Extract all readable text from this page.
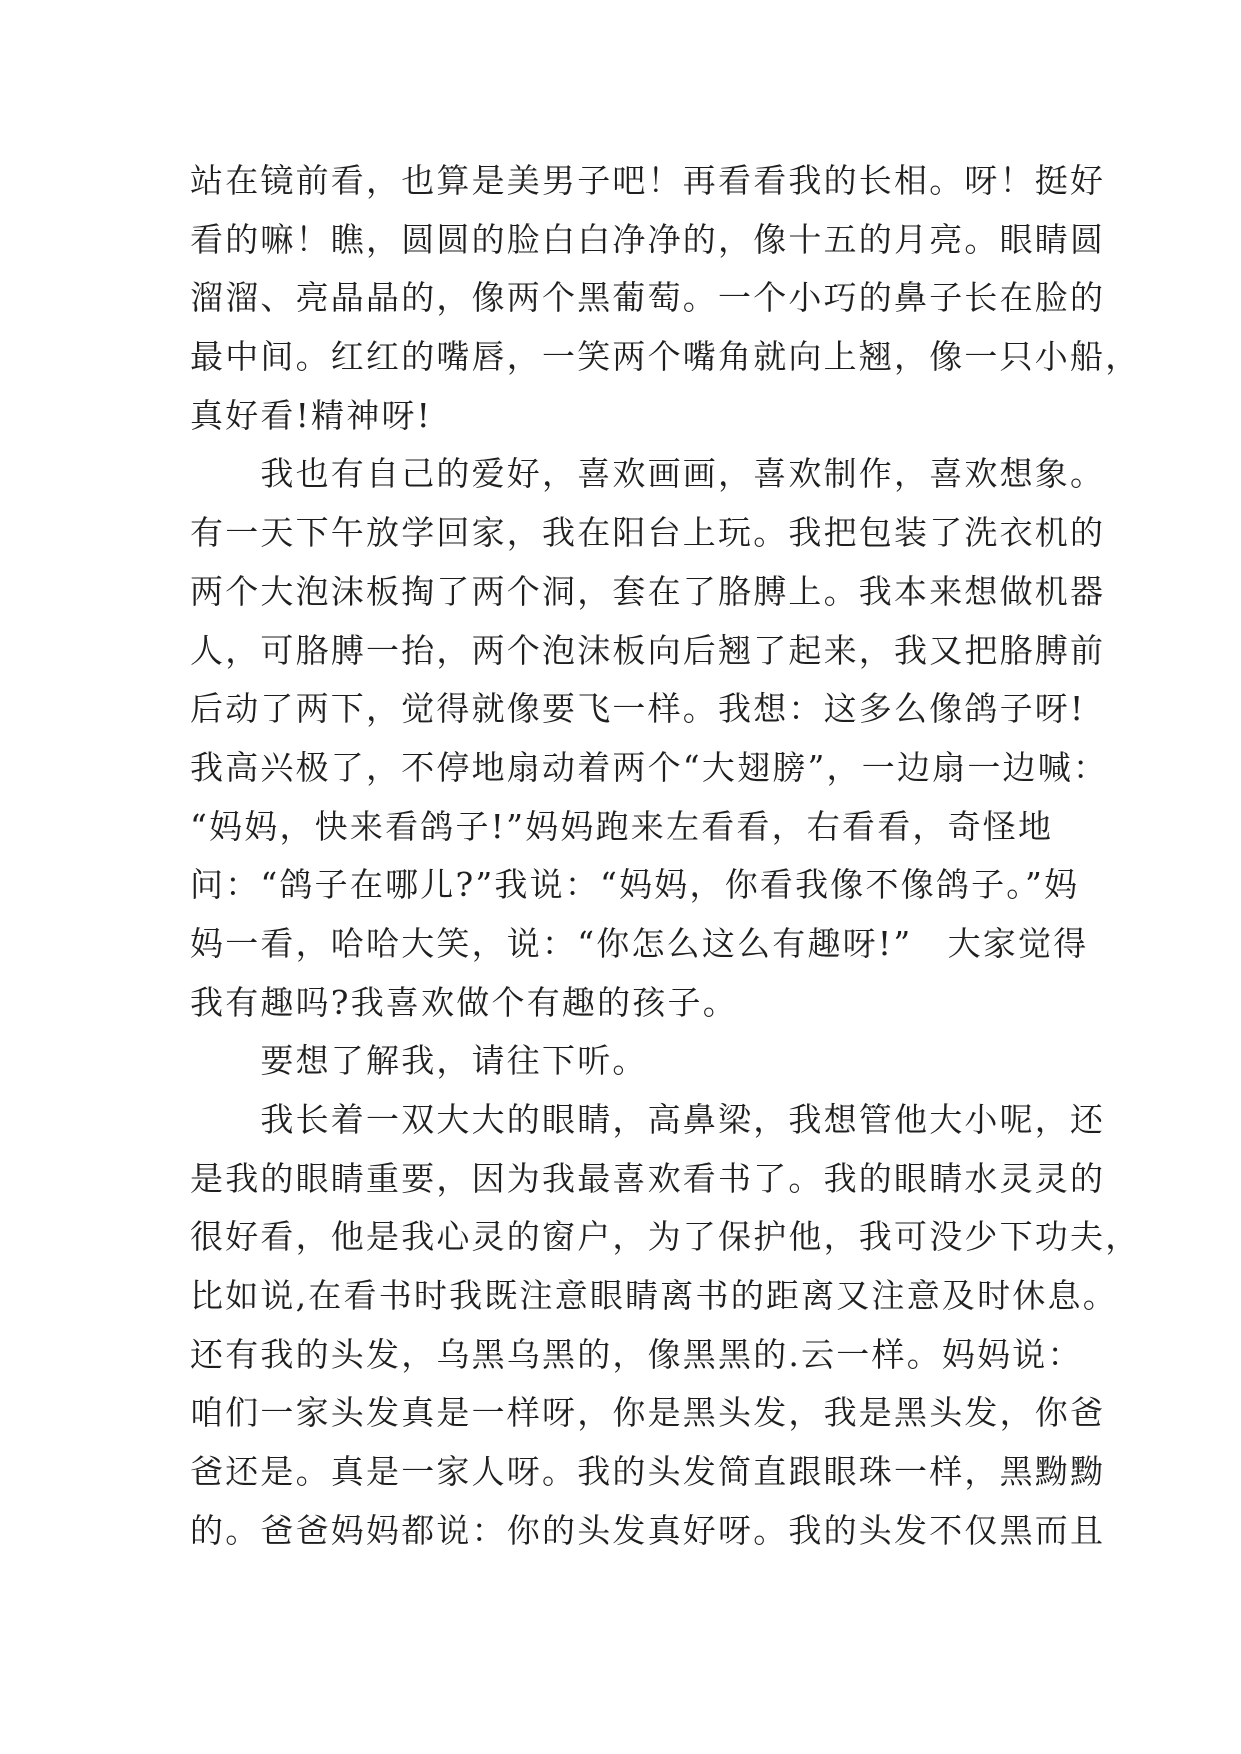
站在镜前看，也算是美男子吧！再看看我的长相。呀！挺好
看的嘛！瞧，圆圆的脸白白净净的，像十五的月亮。眼睛圆
溜溜、亮晶晶的，像两个黑葡萄。一个小巧的鼻子长在脸的
最中间。红红的嘴唇，一笑两个嘴角就向上翘，像一只小船，
真好看!精神呀!
　　我也有自己的爱好，喜欢画画，喜欢制作，喜欢想象。
有一天下午放学回家，我在阳台上玩。我把包装了洗衣机的
两个大泡沫板掏了两个洞，套在了胳膊上。我本来想做机器
人，可胳膊一抬，两个泡沫板向后翘了起来，我又把胳膊前
后动了两下，觉得就像要飞一样。我想：这多么像鸽子呀!
我高兴极了，不停地扇动着两个“大翅膀”，一边扇一边喊：
“妈妈，快来看鸽子!”妈妈跑来左看看，右看看，奇怪地
问：“鸽子在哪儿?”我说：“妈妈，你看我像不像鸽子。”妈
妈一看，哈哈大笑，说：“你怎么这么有趣呀!”　大家觉得
我有趣吗?我喜欢做个有趣的孩子。
　　要想了解我，请往下听。
　　我长着一双大大的眼睛，高鼻梁，我想管他大小呢，还
是我的眼睛重要，因为我最喜欢看书了。我的眼睛水灵灵的
很好看，他是我心灵的窗户，为了保护他，我可没少下功夫，
比如说,在看书时我既注意眼睛离书的距离又注意及时休息。
还有我的头发，乌黑乌黑的，像黑黑的.云一样。妈妈说：
咱们一家头发真是一样呀，你是黑头发，我是黑头发，你爸
爸还是。真是一家人呀。我的头发简直跟眼珠一样，黑黝黝
的。爸爸妈妈都说：你的头发真好呀。我的头发不仅黑而且
